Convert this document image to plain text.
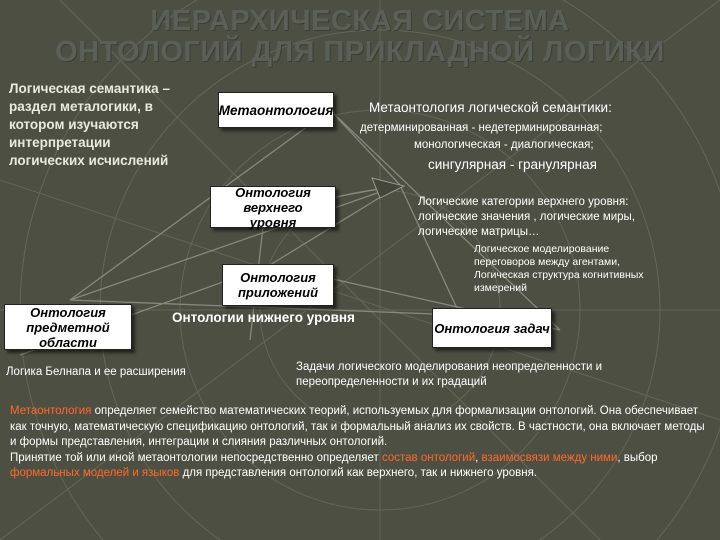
ИЕРАРХИЧЕСКАЯ СИСТЕМА
ОНТОЛОГИЙ ДЛЯ ПРИКЛАДНОЙ ЛОГИКИ
Логическая семантика –
раздел металогики, в
котором изучаются
интерпретации
логических исчислений
Метаонтология
Онтология верхнего
уровня
Онтология
приложений
Онтология
предметной области
Онтология задач
Метаонтология логической семантики:
детерминированная - недетерминированная;
монологическая - диалогическая;
сингулярная - гранулярная
Логические категории верхнего уровня:
логические значения , логические миры,
логические матрицы…
Логическое моделирование
переговоров между агентами,
Логическая структура когнитивных
измерений
Онтологии нижнего уровня
Логика Белнапа и ее расширения	Задачи логического моделирования неопределенности и
переопределенности и их градаций
Метаонтология определяет семейство математических теорий, используемых для формализации онтологий. Она обеспечивает как точную, математическую спецификацию онтологий, так и формальный анализ их свойств. В частности, она включает методы и формы представления, интеграции и слияния различных онтологий.
Принятие той или иной метаонтологии непосредственно определяет состав онтологий, взаимосвязи между ними, выбор формальных моделей и языков для представления онтологий как верхнего, так и нижнего уровня.
